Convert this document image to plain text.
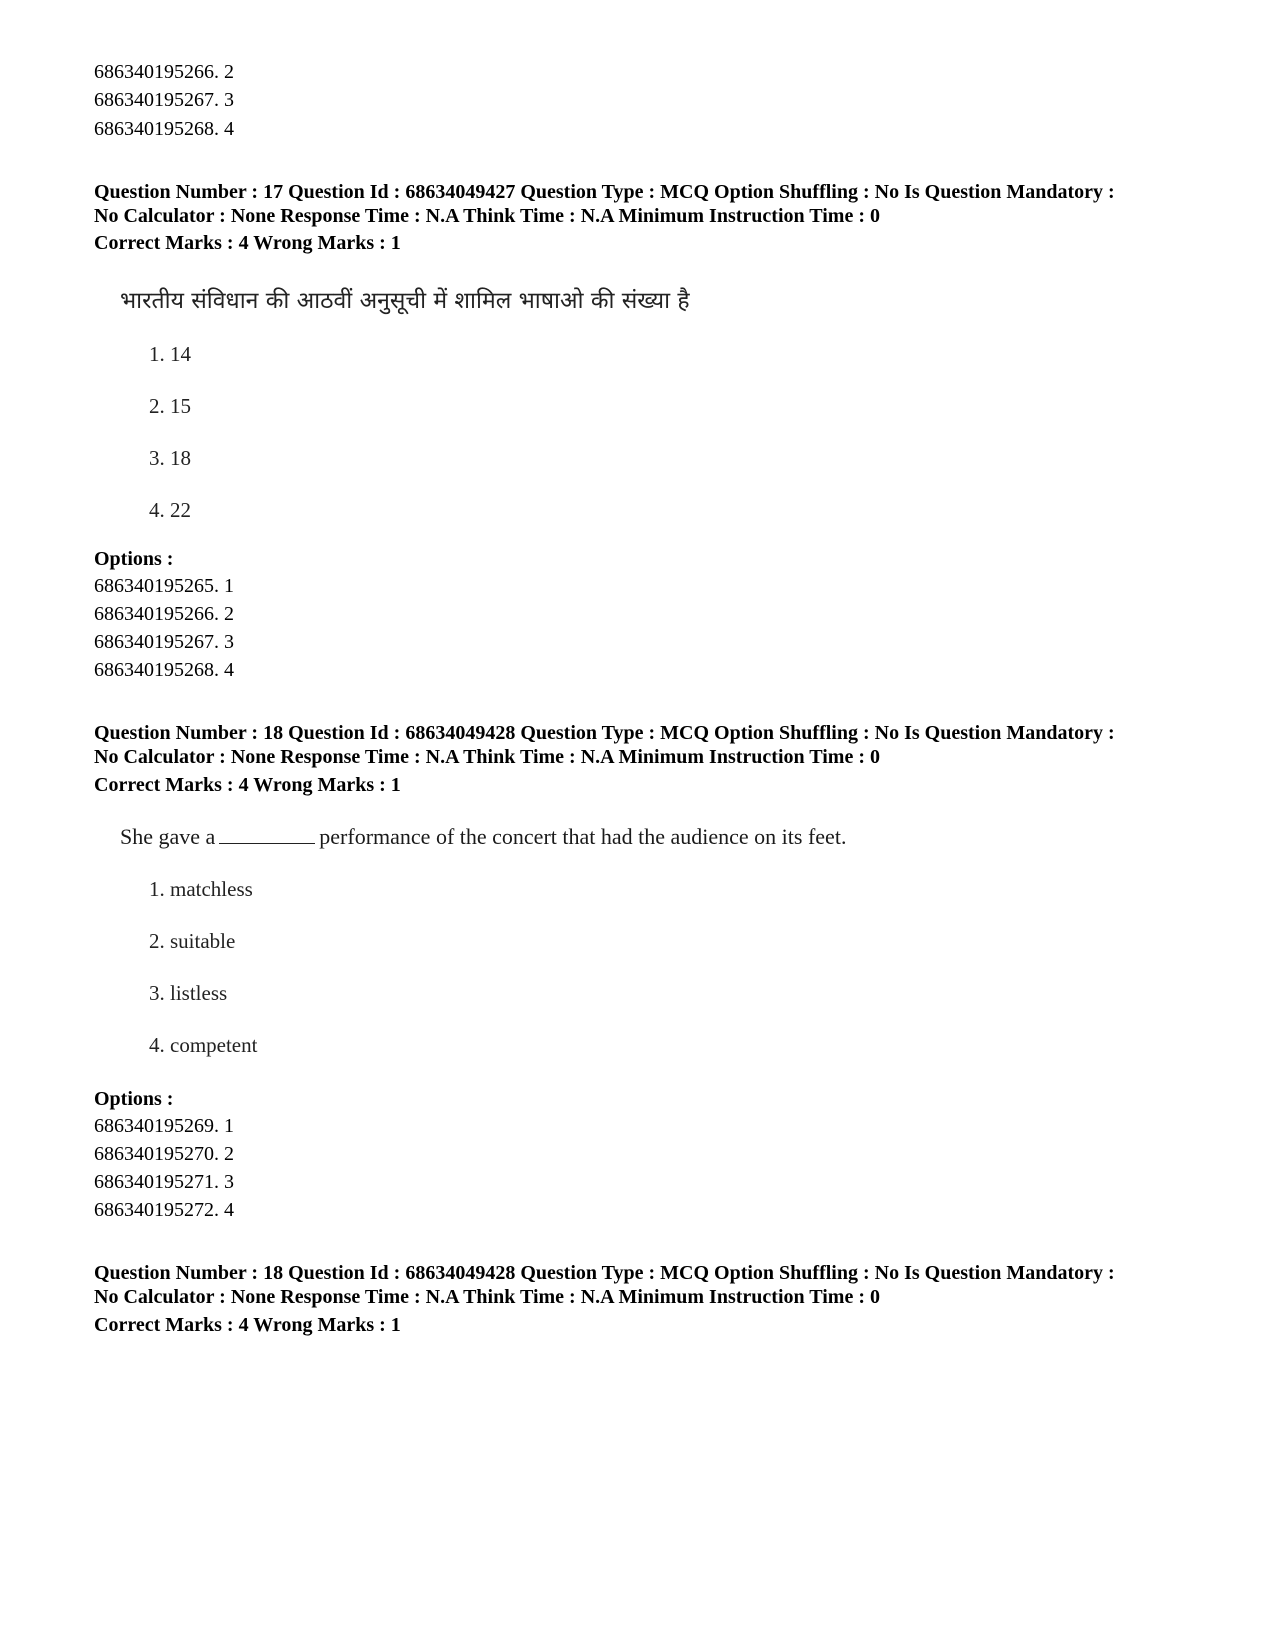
686340195266. 2
686340195267. 3
686340195268. 4
Question Number : 17 Question Id : 68634049427 Question Type : MCQ Option Shuffling : No Is Question Mandatory :
No Calculator : None Response Time : N.A Think Time : N.A Minimum Instruction Time : 0
Correct Marks : 4 Wrong Marks : 1
भारतीय संविधान की आठवीं अनुसूची में शामिल भाषाओ की संख्या है
1. 14
2. 15
3. 18
4. 22
Options :
686340195265. 1
686340195266. 2
686340195267. 3
686340195268. 4
Question Number : 18 Question Id : 68634049428 Question Type : MCQ Option Shuffling : No Is Question Mandatory :
No Calculator : None Response Time : N.A Think Time : N.A Minimum Instruction Time : 0
Correct Marks : 4 Wrong Marks : 1
She gave a	performance of the concert that had the audience on its feet.
1. matchless
2. suitable
3. listless
4. competent
Options :
686340195269. 1
686340195270. 2
686340195271. 3
686340195272. 4
Question Number : 18 Question Id : 68634049428 Question Type : MCQ Option Shuffling : No Is Question Mandatory :
No Calculator : None Response Time : N.A Think Time : N.A Minimum Instruction Time : 0
Correct Marks : 4 Wrong Marks : 1
